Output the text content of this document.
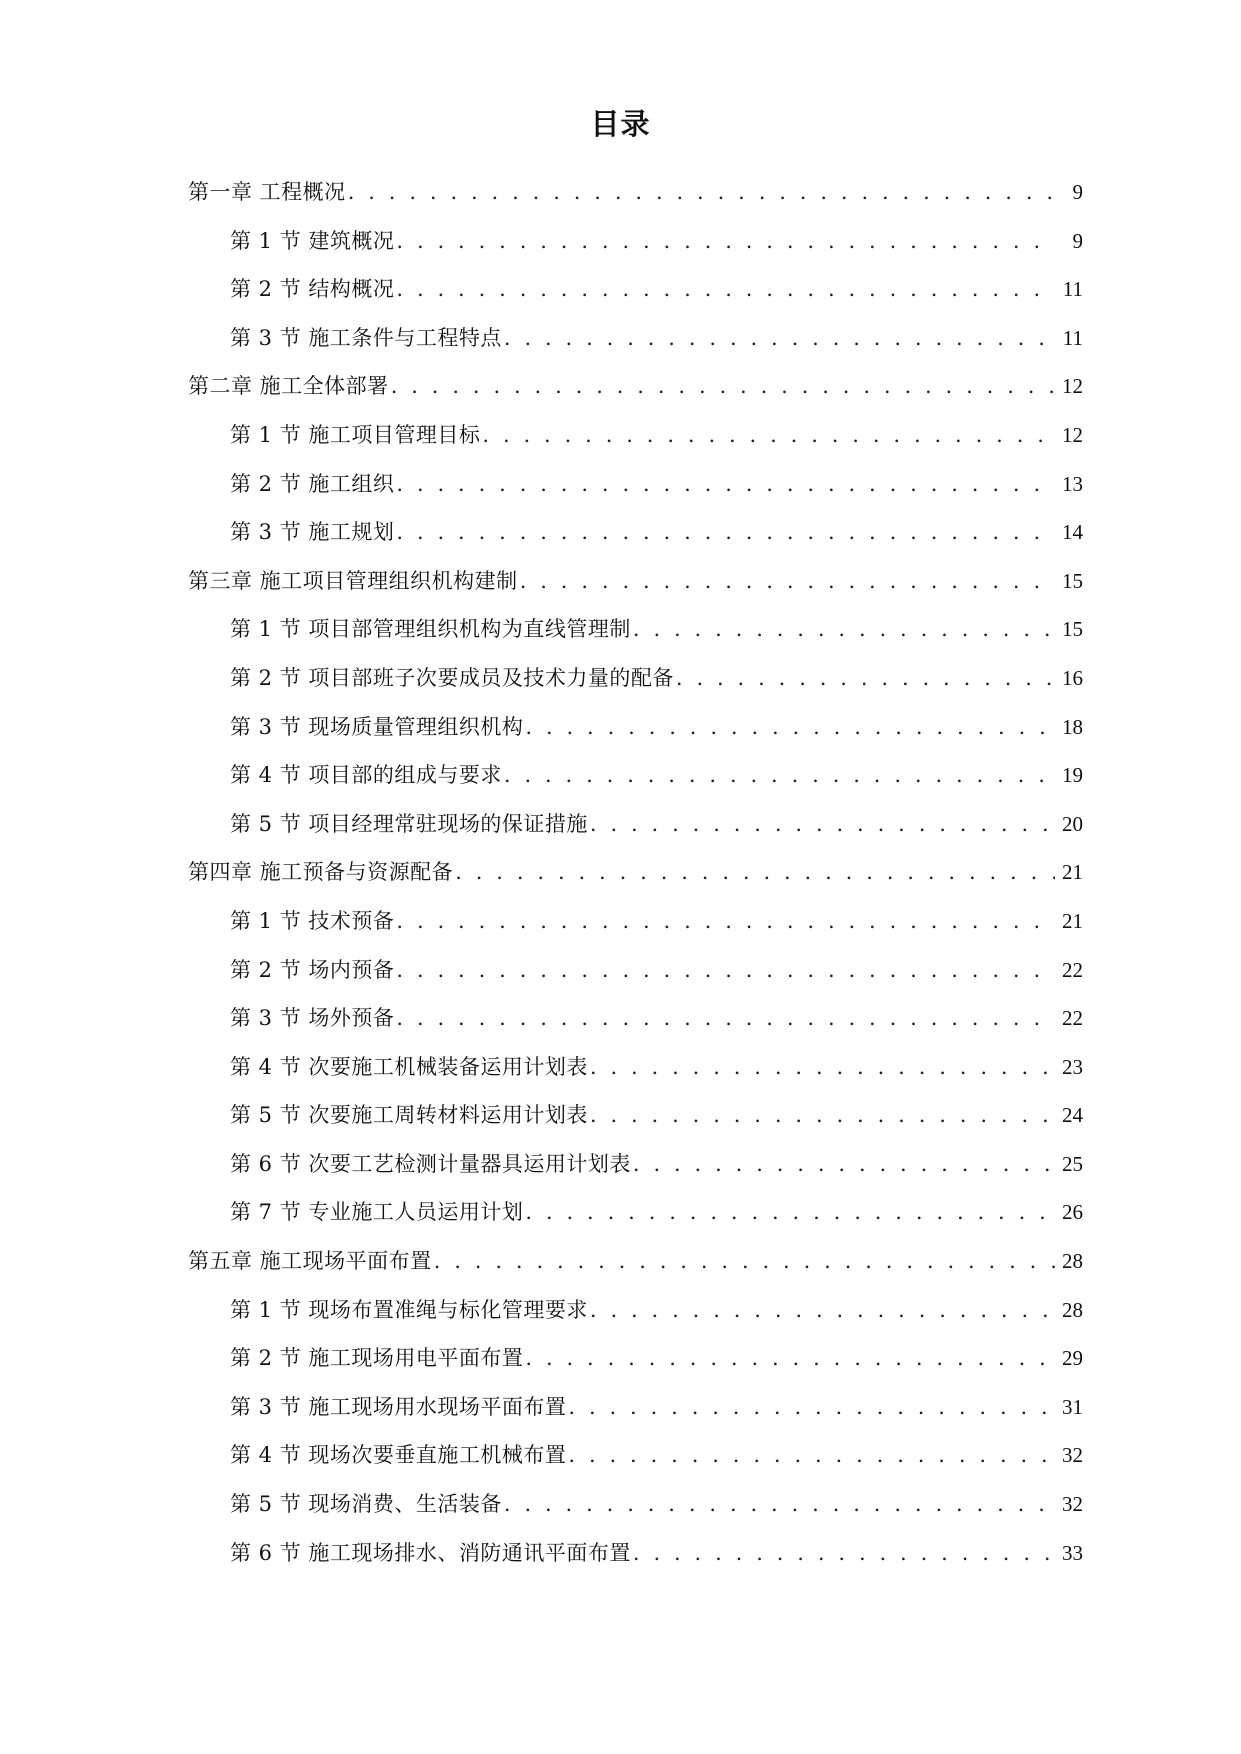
目录
第一章 工程概况 . . .	9
第 1 节 建筑概况 . . .	9
第 2 节 结构概况 . . .	11
第 3 节 施工条件与工程特点 . . .	11
第二章 施工全体部署 . . .	12
第 1 节 施工项目管理目标 . . .	12
第 2 节 施工组织 . . .	13
第 3 节 施工规划 . . .	14
第三章 施工项目管理组织机构建制 . . .	15
第 1 节 项目部管理组织机构为直线管理制 . . .	15
第 2 节 项目部班子次要成员及技术力量的配备 . . .	16
第 3 节 现场质量管理组织机构 . . .	18
第 4 节 项目部的组成与要求 . . .	19
第 5 节 项目经理常驻现场的保证措施 . . .	20
第四章 施工预备与资源配备 . . .	21
第 1 节 技术预备 . . .	21
第 2 节 场内预备 . . .	22
第 3 节 场外预备 . . .	22
第 4 节 次要施工机械装备运用计划表 . . .	23
第 5 节 次要施工周转材料运用计划表 . . .	24
第 6 节 次要工艺检测计量器具运用计划表 . . .	25
第 7 节 专业施工人员运用计划 . . .	26
第五章 施工现场平面布置 . . .	28
第 1 节 现场布置准绳与标化管理要求 . . .	28
第 2 节 施工现场用电平面布置 . . .	29
第 3 节 施工现场用水现场平面布置 . . .	31
第 4 节 现场次要垂直施工机械布置 . . .	32
第 5 节 现场消费、生活装备 . . .	32
第 6 节 施工现场排水、消防通讯平面布置 . . .	33
